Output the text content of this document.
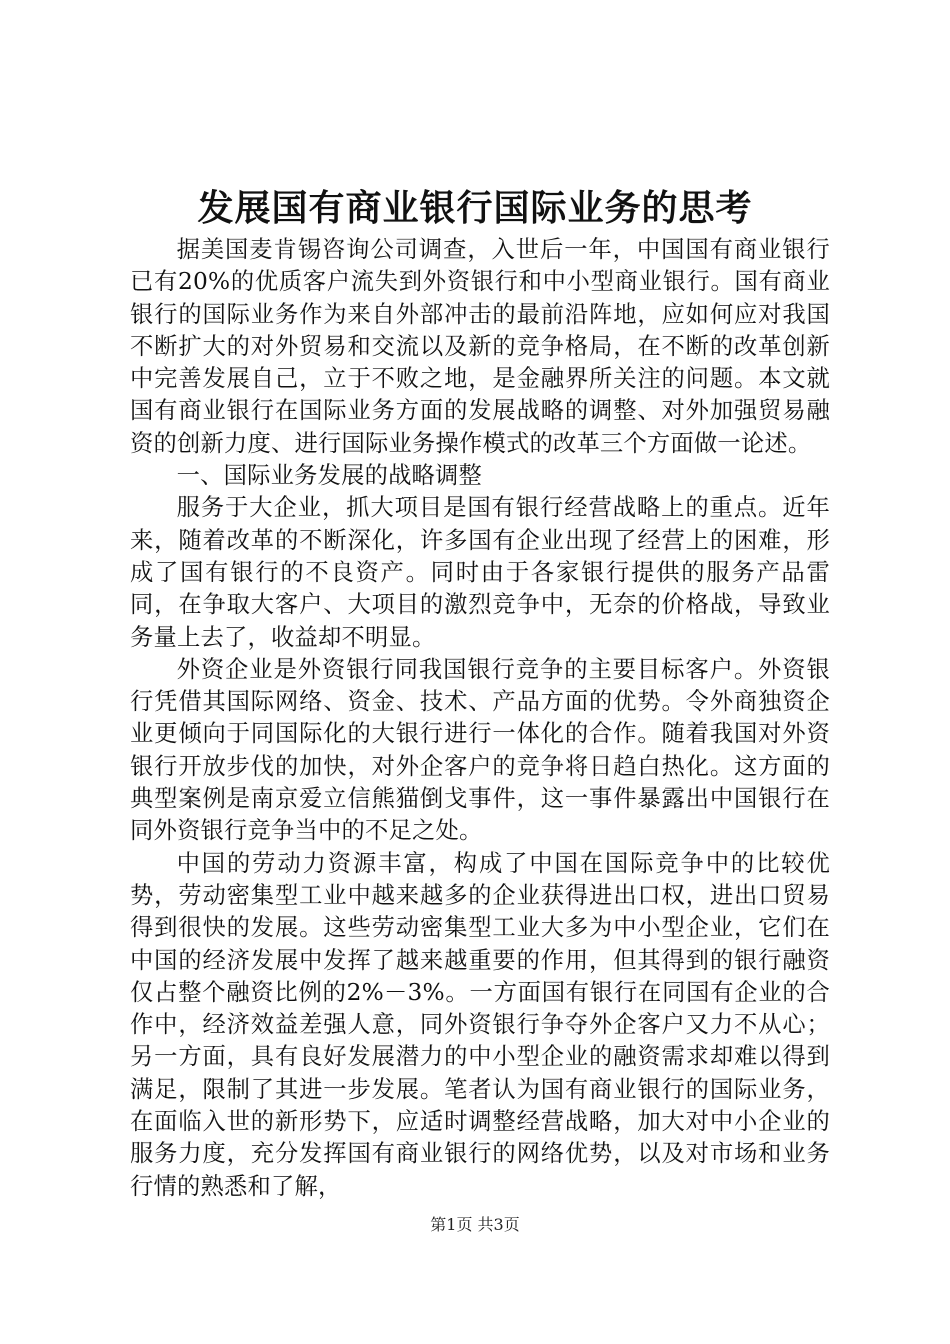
发展国有商业银行国际业务的思考

据美国麦肯锡咨询公司调查，入世后一年，中国国有商业银行已有20%的优质客户流失到外资银行和中小型商业银行。国有商业银行的国际业务作为来自外部冲击的最前沿阵地，应如何应对我国不断扩大的对外贸易和交流以及新的竞争格局，在不断的改革创新中完善发展自己，立于不败之地，是金融界所关注的问题。本文就国有商业银行在国际业务方面的发展战略的调整、对外加强贸易融资的创新力度、进行国际业务操作模式的改革三个方面做一论述。

一、国际业务发展的战略调整

服务于大企业，抓大项目是国有银行经营战略上的重点。近年来，随着改革的不断深化，许多国有企业出现了经营上的困难，形成了国有银行的不良资产。同时由于各家银行提供的服务产品雷同，在争取大客户、大项目的激烈竞争中，无奈的价格战，导致业务量上去了，收益却不明显。

外资企业是外资银行同我国银行竞争的主要目标客户。外资银行凭借其国际网络、资金、技术、产品方面的优势。令外商独资企业更倾向于同国际化的大银行进行一体化的合作。随着我国对外资银行开放步伐的加快，对外企客户的竞争将日趋白热化。这方面的典型案例是南京爱立信熊猫倒戈事件，这一事件暴露出中国银行在同外资银行竞争当中的不足之处。

中国的劳动力资源丰富，构成了中国在国际竞争中的比较优势，劳动密集型工业中越来越多的企业获得进出口权，进出口贸易得到很快的发展。这些劳动密集型工业大多为中小型企业，它们在中国的经济发展中发挥了越来越重要的作用，但其得到的银行融资仅占整个融资比例的2%－3%。一方面国有银行在同国有企业的合作中，经济效益差强人意，同外资银行争夺外企客户又力不从心；另一方面，具有良好发展潜力的中小型企业的融资需求却难以得到满足，限制了其进一步发展。笔者认为国有商业银行的国际业务，在面临入世的新形势下，应适时调整经营战略，加大对中小企业的服务力度，充分发挥国有商业银行的网络优势，以及对市场和业务行情的熟悉和了解，

第1页 共3页
